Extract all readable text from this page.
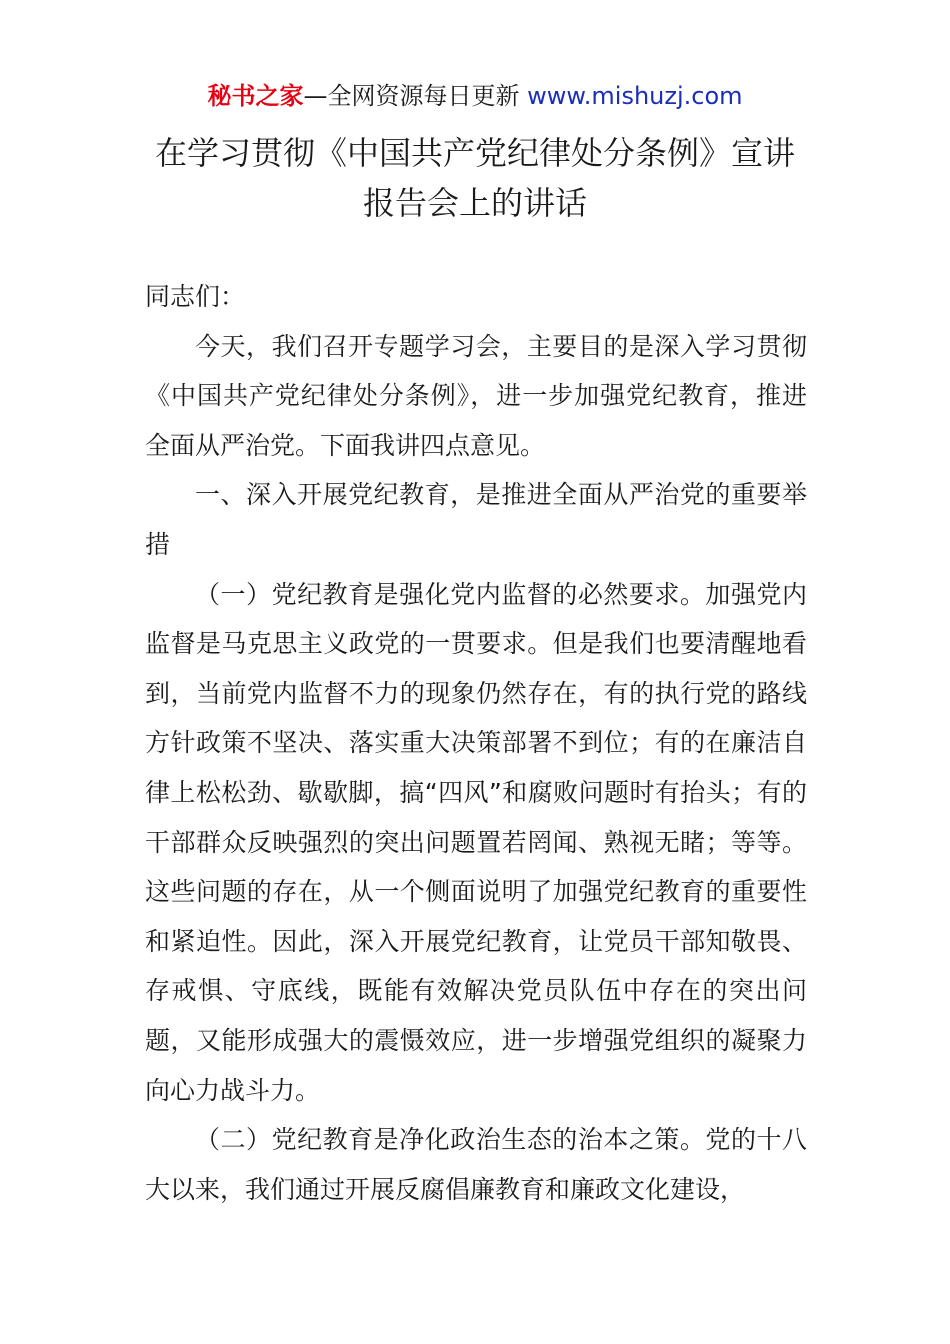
秘书之家—全网资源每日更新 www.mishuzj.com
在学习贯彻《中国共产党纪律处分条例》宣讲
报告会上的讲话

同志们：

今天，我们召开专题学习会，主要目的是深入学习贯彻《中国共产党纪律处分条例》，进一步加强党纪教育，推进全面从严治党。下面我讲四点意见。

一、深入开展党纪教育，是推进全面从严治党的重要举措

（一）党纪教育是强化党内监督的必然要求。加强党内监督是马克思主义政党的一贯要求。但是我们也要清醒地看到，当前党内监督不力的现象仍然存在，有的执行党的路线方针政策不坚决、落实重大决策部署不到位；有的在廉洁自律上松松劲、歇歇脚，搞“四风”和腐败问题时有抬头；有的干部群众反映强烈的突出问题置若罔闻、熟视无睹；等等。这些问题的存在，从一个侧面说明了加强党纪教育的重要性和紧迫性。因此，深入开展党纪教育，让党员干部知敬畏、存戒惧、守底线，既能有效解决党员队伍中存在的突出问题，又能形成强大的震慑效应，进一步增强党组织的凝聚力向心力战斗力。

（二）党纪教育是净化政治生态的治本之策。党的十八大以来，我们通过开展反腐倡廉教育和廉政文化建设，
